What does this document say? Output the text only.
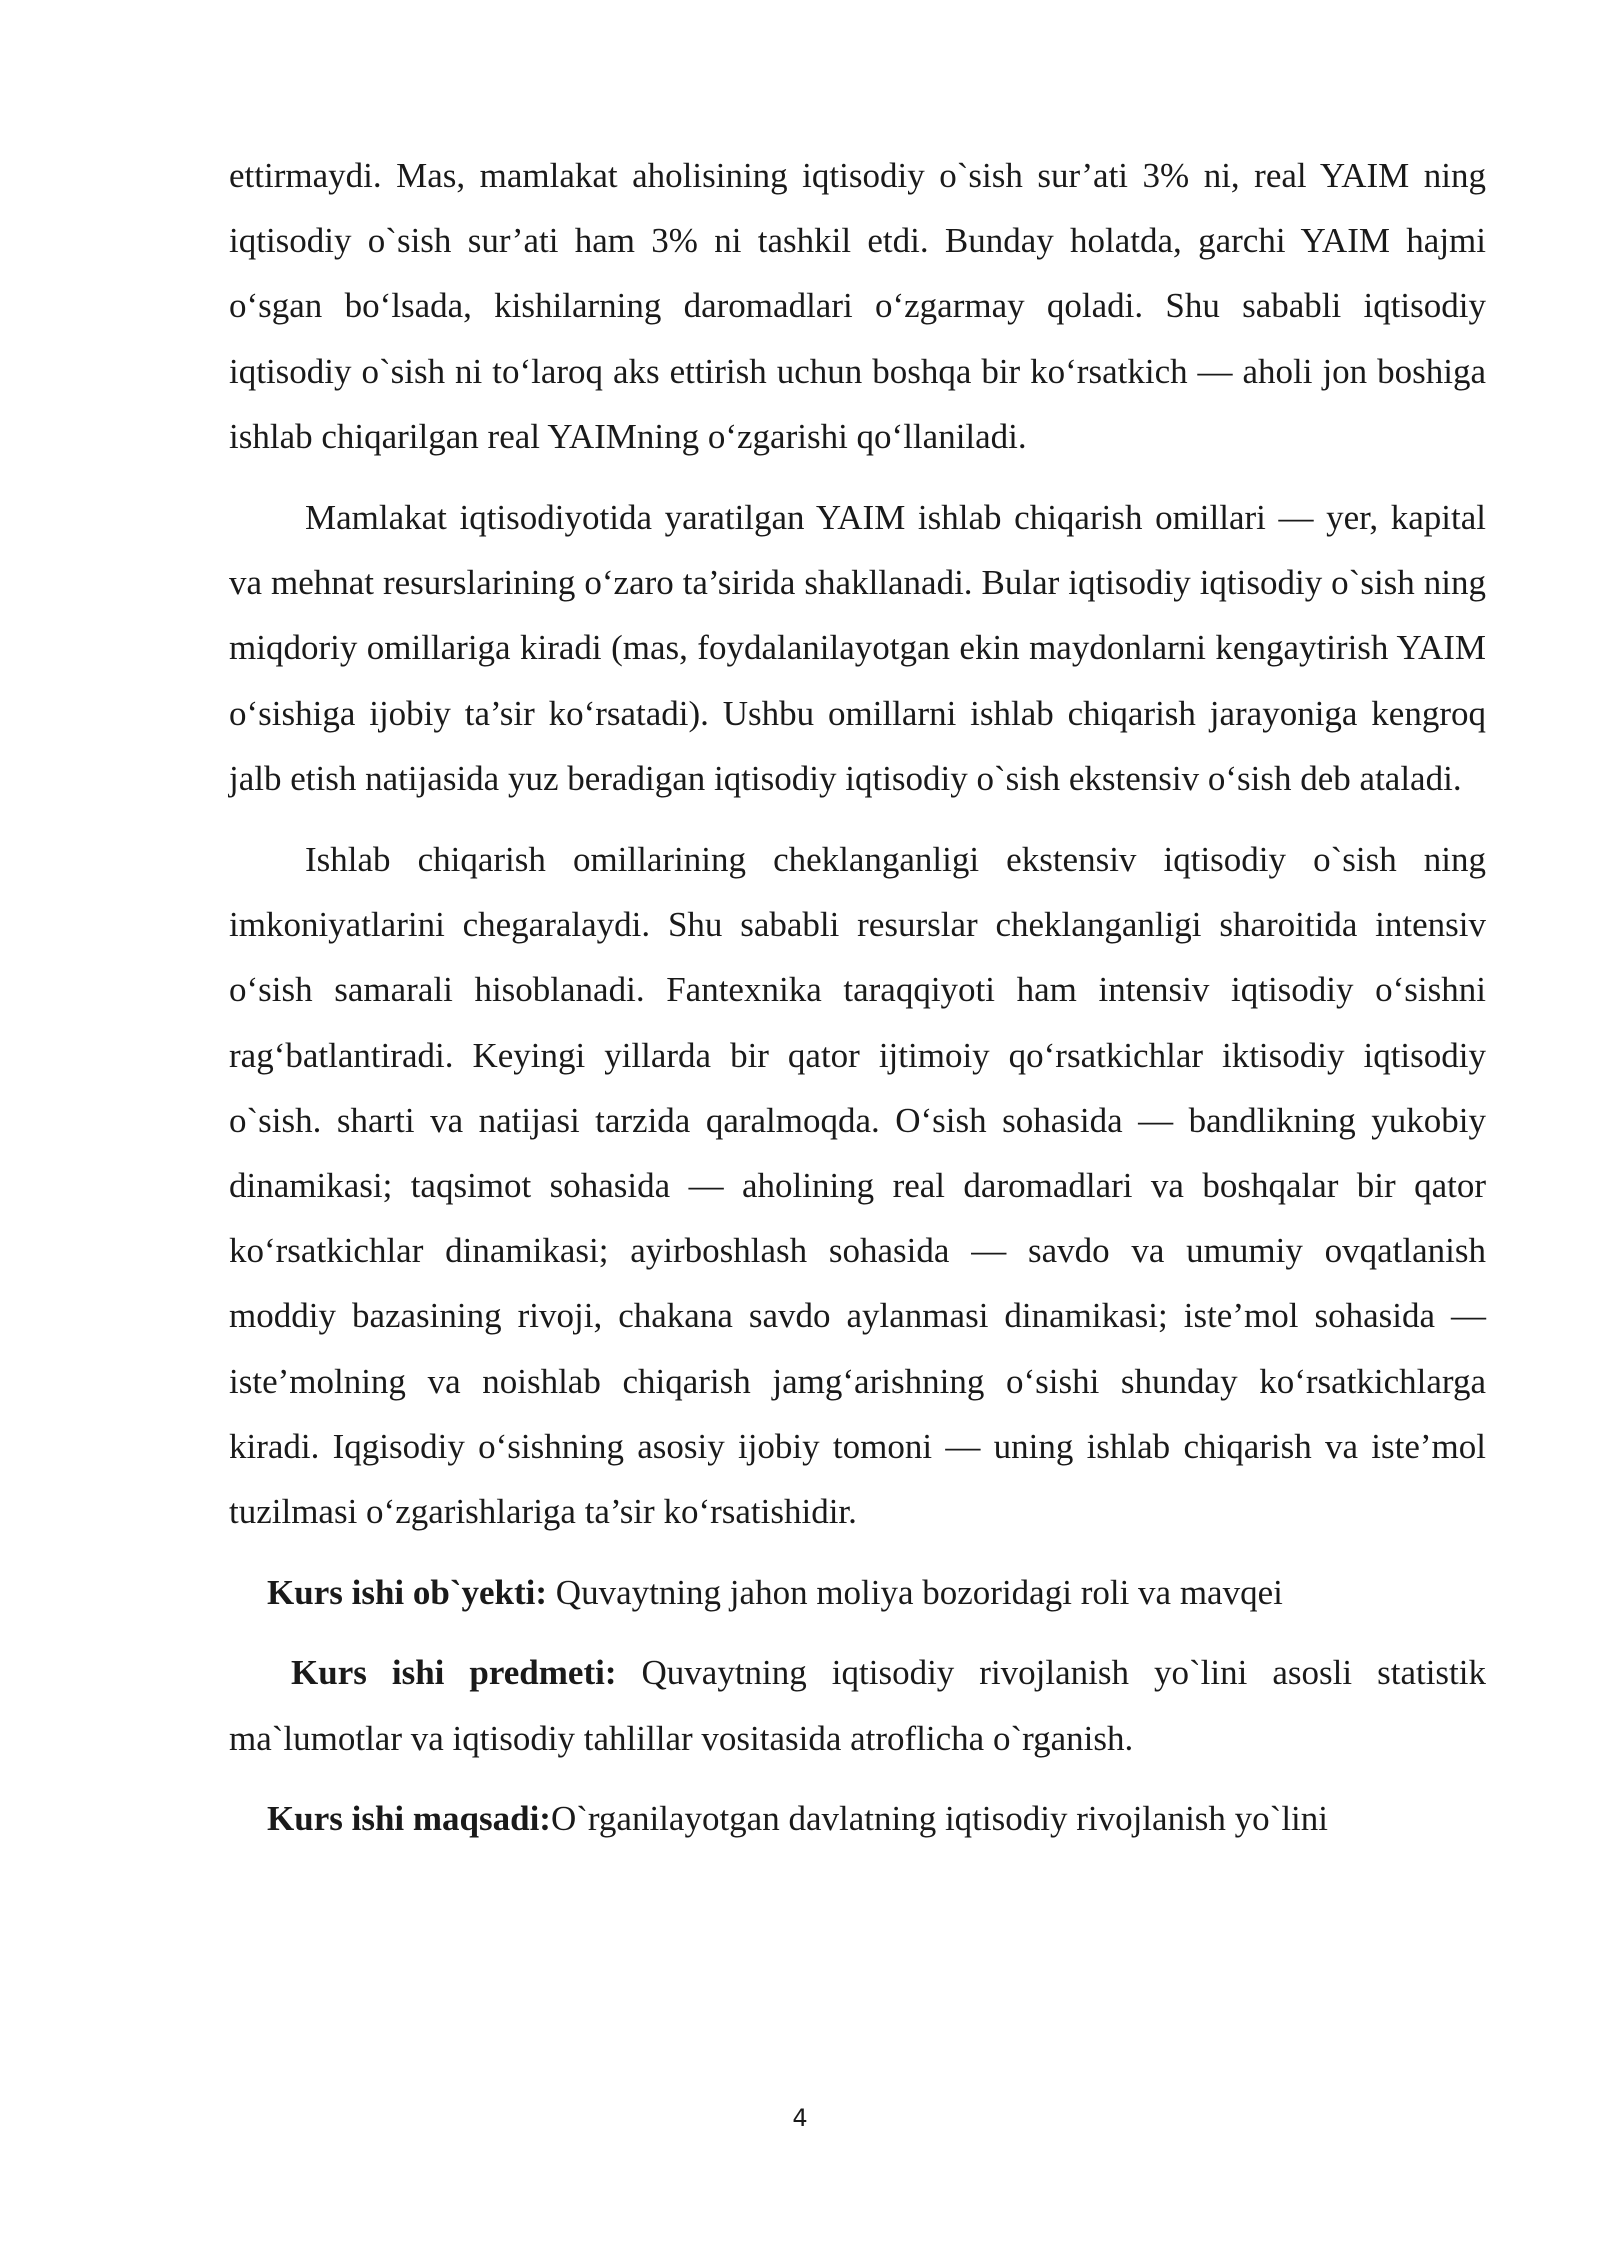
ettirmaydi. Mas, mamlakat aholisining iqtisodiy o`sish sur’ati 3% ni, real YAIM ning iqtisodiy o`sish sur’ati ham 3% ni tashkil etdi. Bunday holatda, garchi YAIM hajmi o‘sgan bo‘lsada, kishilarning daromadlari o‘zgarmay qoladi. Shu sababli iqtisodiy iqtisodiy o`sish ni to‘laroq aks ettirish uchun boshqa bir ko‘rsatkich — aholi jon boshiga ishlab chiqarilgan real YAIMning o‘zgarishi qo‘llaniladi.

Mamlakat iqtisodiyotida yaratilgan YAIM ishlab chiqarish omillari — yer, kapital va mehnat resurslarining o‘zaro ta’sirida shakllanadi. Bular iqtisodiy iqtisodiy o`sish ning miqdoriy omillariga kiradi (mas, foydalanilayotgan ekin maydonlarni kengaytirish YAIM o‘sishiga ijobiy ta’sir ko‘rsatadi). Ushbu omillarni ishlab chiqarish jarayoniga kengroq jalb etish natijasida yuz beradigan iqtisodiy iqtisodiy o`sish ekstensiv o‘sish deb ataladi.

Ishlab chiqarish omillarining cheklanganligi ekstensiv iqtisodiy o`sish ning imkoniyatlarini chegaralaydi. Shu sababli resurslar cheklanganligi sharoitida intensiv o‘sish samarali hisoblanadi. Fantexnika taraqqiyoti ham intensiv iqtisodiy o‘sishni rag‘batlantiradi. Keyingi yillarda bir qator ijtimoiy qo‘rsatkichlar iktisodiy iqtisodiy o`sish. sharti va natijasi tarzida qaralmoqda. O‘sish sohasida — bandlikning yukobiy dinamikasi; taqsimot sohasida — aholining real daromadlari va boshqalar bir qator ko‘rsatkichlar dinamikasi; ayirboshlash sohasida — savdo va umumiy ovqatlanish moddiy bazasining rivoji, chakana savdo aylanmasi dinamikasi; iste’mol sohasida — iste’molning va noishlab chiqarish jamg‘arishning o‘sishi shunday ko‘rsatkichlarga kiradi. Iqgisodiy o‘sishning asosiy ijobiy tomoni — uning ishlab chiqarish va iste’mol tuzilmasi o‘zgarishlariga ta’sir ko‘rsatishidir.

Kurs ishi ob`yekti: Quvaytning jahon moliya bozoridagi roli va mavqei

Kurs ishi predmeti: Quvaytning iqtisodiy rivojlanish yo`lini asosli statistik ma`lumotlar va iqtisodiy tahlillar vositasida atroflicha o`rganish.

Kurs ishi maqsadi:O`rganilayotgan davlatning iqtisodiy rivojlanish yo`lini

4
